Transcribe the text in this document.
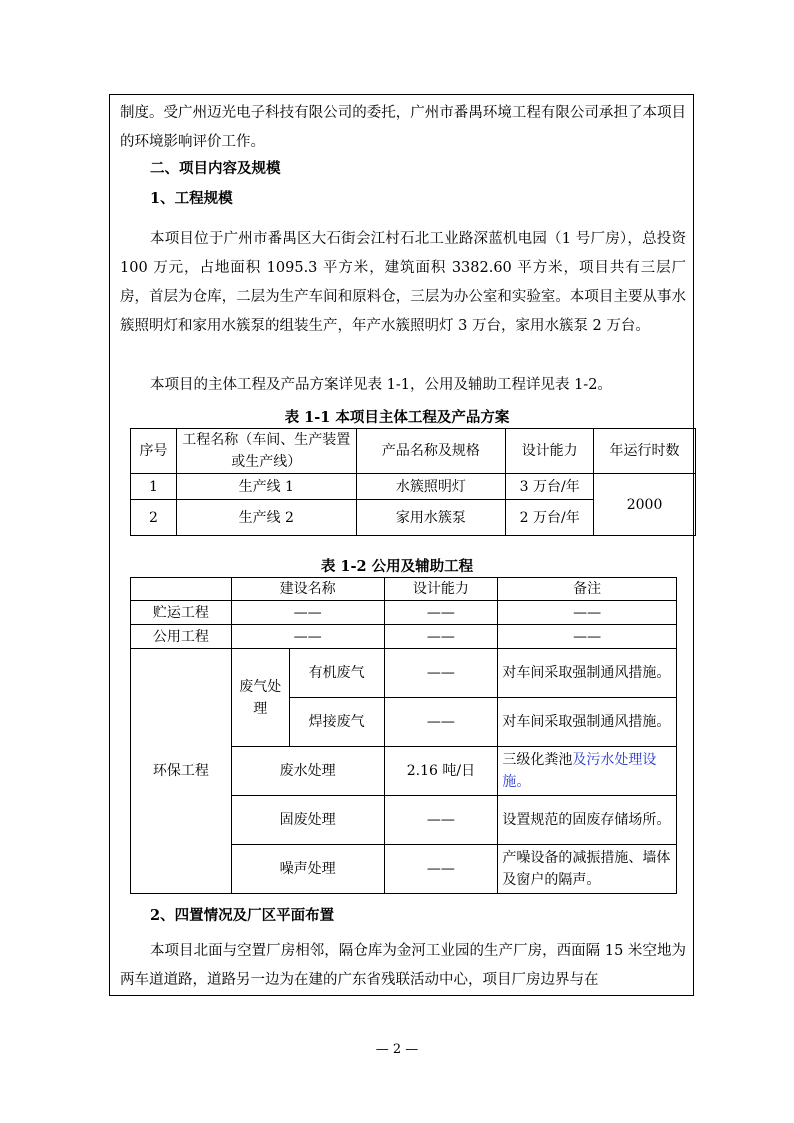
制度。受广州迈光电子科技有限公司的委托，广州市番禺环境工程有限公司承担了本项目的环境影响评价工作。

二、项目内容及规模

1、工程规模

本项目位于广州市番禺区大石街会江村石北工业路深蓝机电园（1 号厂房），总投资 100 万元，占地面积 1095.3 平方米，建筑面积 3382.60 平方米，项目共有三层厂房，首层为仓库，二层为生产车间和原料仓，三层为办公室和实验室。本项目主要从事水簇照明灯和家用水簇泵的组装生产，年产水簇照明灯 3 万台，家用水簇泵 2 万台。

本项目的主体工程及产品方案详见表 1-1，公用及辅助工程详见表 1-2。

表 1-1 本项目主体工程及产品方案
序号	工程名称（车间、生产装置或生产线）	产品名称及规格	设计能力	年运行时数
1	生产线 1	水簇照明灯	3 万台/年	2000
2	生产线 2	家用水簇泵	2 万台/年	
表 1-2 公用及辅助工程
	建设名称		设计能力	备注
贮运工程	——		——	——
公用工程	——		——	——
环保工程	废气处理	有机废气	——	对车间采取强制通风措施。
		焊接废气	——	对车间采取强制通风措施。
	废水处理		2.16 吨/日	三级化粪池及污水处理设施。
	固废处理		——	设置规范的固废存储场所。
	噪声处理		——	产噪设备的减振措施、墙体及窗户的隔声。

2、四置情况及厂区平面布置

本项目北面与空置厂房相邻，隔仓库为金河工业园的生产厂房，西面隔 15 米空地为两车道道路，道路另一边为在建的广东省残联活动中心，项目厂房边界与在

— 2 —
